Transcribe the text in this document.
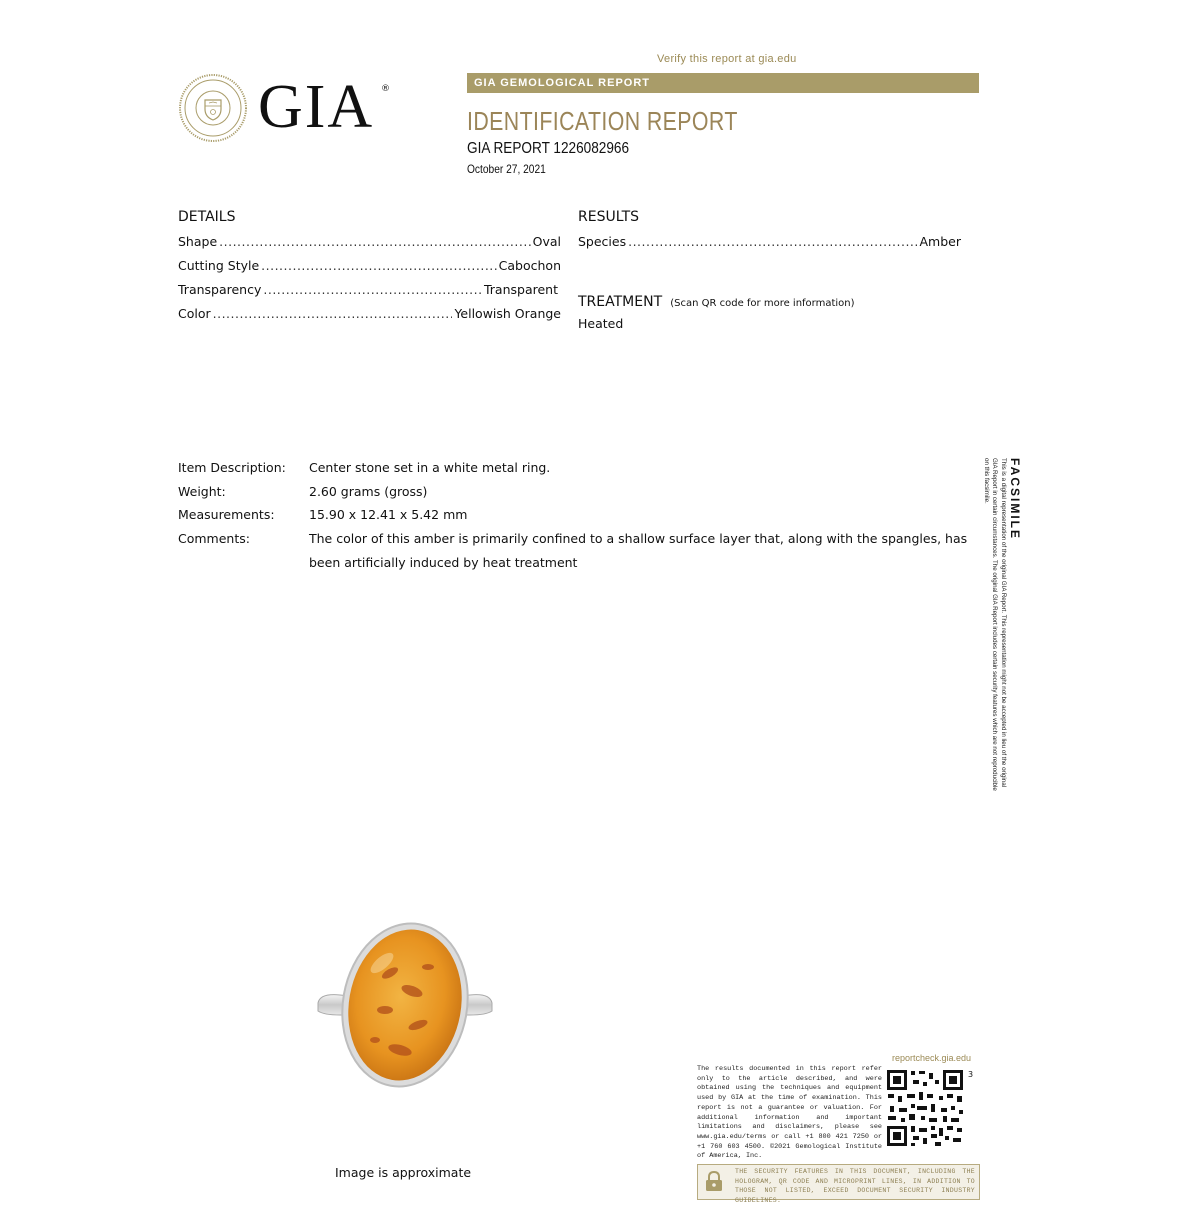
Verify this report at gia.edu
GIA GEMOLOGICAL REPORT
IDENTIFICATION REPORT
GIA REPORT 1226082966
October 27, 2021
GIA ®
DETAILS
Shape .....	Oval
Cutting Style .....	Cabochon
Transparency .....	Transparent
Color .....	Yellowish Orange
RESULTS
Species .....	Amber
TREATMENT (Scan QR code for more information)
Heated
Item Description: Center stone set in a white metal ring.
Weight:	2.60 grams (gross)
Measurements:	15.90 x 12.41 x 5.42 mm
Comments:	The color of this amber is primarily confined to a shallow surface layer that, along with the spangles, has
been artificially induced by heat treatment
FACSIMILE
This is a digital representation of the original GIA Report. This representation might not be accepted in lieu of the original GIA Report in certain circumstances. The original GIA Report includes certain security features which are not reproducible on this facsimile.
Image is approximate
The results documented in this report refer only to the article described, and were obtained using the techniques and equipment used by GIA at the time of examination. This report is not a guarantee or valuation. For additional information and important limitations and disclaimers, please see www.gia.edu/terms or call +1 800 421 7250 or +1 760 603 4500. ©2021 Gemological Institute of America, Inc.
reportcheck.gia.edu
3
THE SECURITY FEATURES IN THIS DOCUMENT, INCLUDING THE HOLOGRAM, QR CODE AND MICROPRINT LINES, IN ADDITION TO THOSE NOT LISTED, EXCEED DOCUMENT SECURITY INDUSTRY GUIDELINES.
